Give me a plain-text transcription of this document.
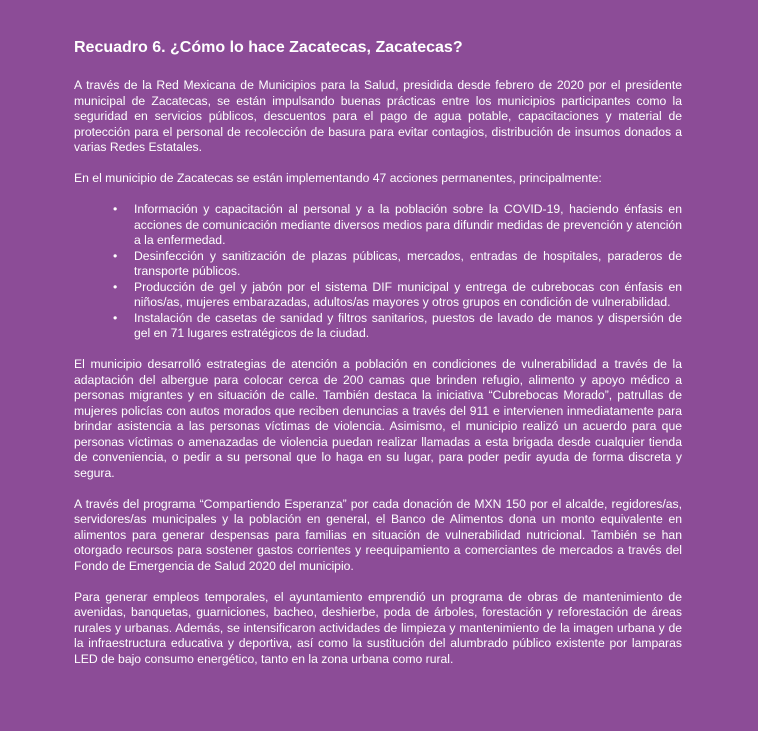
Recuadro 6. ¿Cómo lo hace Zacatecas, Zacatecas?

A través de la Red Mexicana de Municipios para la Salud, presidida desde febrero de 2020 por el presidente municipal de Zacatecas, se están impulsando buenas prácticas entre los municipios participantes como la seguridad en servicios públicos, descuentos para el pago de agua potable, capacitaciones y material de protección para el personal de recolección de basura para evitar contagios, distribución de insumos donados a varias Redes Estatales.

En el municipio de Zacatecas se están implementando 47 acciones permanentes, principalmente:

• Información y capacitación al personal y a la población sobre la COVID-19, haciendo énfasis en acciones de comunicación mediante diversos medios para difundir medidas de prevención y atención a la enfermedad.
• Desinfección y sanitización de plazas públicas, mercados, entradas de hospitales, paraderos de transporte públicos.
• Producción de gel y jabón por el sistema DIF municipal y entrega de cubrebocas con énfasis en niños/as, mujeres embarazadas, adultos/as mayores y otros grupos en condición de vulnerabilidad.
• Instalación de casetas de sanidad y filtros sanitarios, puestos de lavado de manos y dispersión de gel en 71 lugares estratégicos de la ciudad.

El municipio desarrolló estrategias de atención a población en condiciones de vulnerabilidad a través de la adaptación del albergue para colocar cerca de 200 camas que brinden refugio, alimento y apoyo médico a personas migrantes y en situación de calle. También destaca la iniciativa “Cubrebocas Morado”, patrullas de mujeres policías con autos morados que reciben denuncias a través del 911 e intervienen inmediatamente para brindar asistencia a las personas víctimas de violencia. Asimismo, el municipio realizó un acuerdo para que personas víctimas o amenazadas de violencia puedan realizar llamadas a esta brigada desde cualquier tienda de conveniencia, o pedir a su personal que lo haga en su lugar, para poder pedir ayuda de forma discreta y segura.

A través del programa “Compartiendo Esperanza” por cada donación de MXN 150 por el alcalde, regidores/as, servidores/as municipales y la población en general, el Banco de Alimentos dona un monto equivalente en alimentos para generar despensas para familias en situación de vulnerabilidad nutricional. También se han otorgado recursos para sostener gastos corrientes y reequipamiento a comerciantes de mercados a través del Fondo de Emergencia de Salud 2020 del municipio.

Para generar empleos temporales, el ayuntamiento emprendió un programa de obras de mantenimiento de avenidas, banquetas, guarniciones, bacheo, deshierbe, poda de árboles, forestación y reforestación de áreas rurales y urbanas. Además, se intensificaron actividades de limpieza y mantenimiento de la imagen urbana y de la infraestructura educativa y deportiva, así como la sustitución del alumbrado público existente por lamparas LED de bajo consumo energético, tanto en la zona urbana como rural.
